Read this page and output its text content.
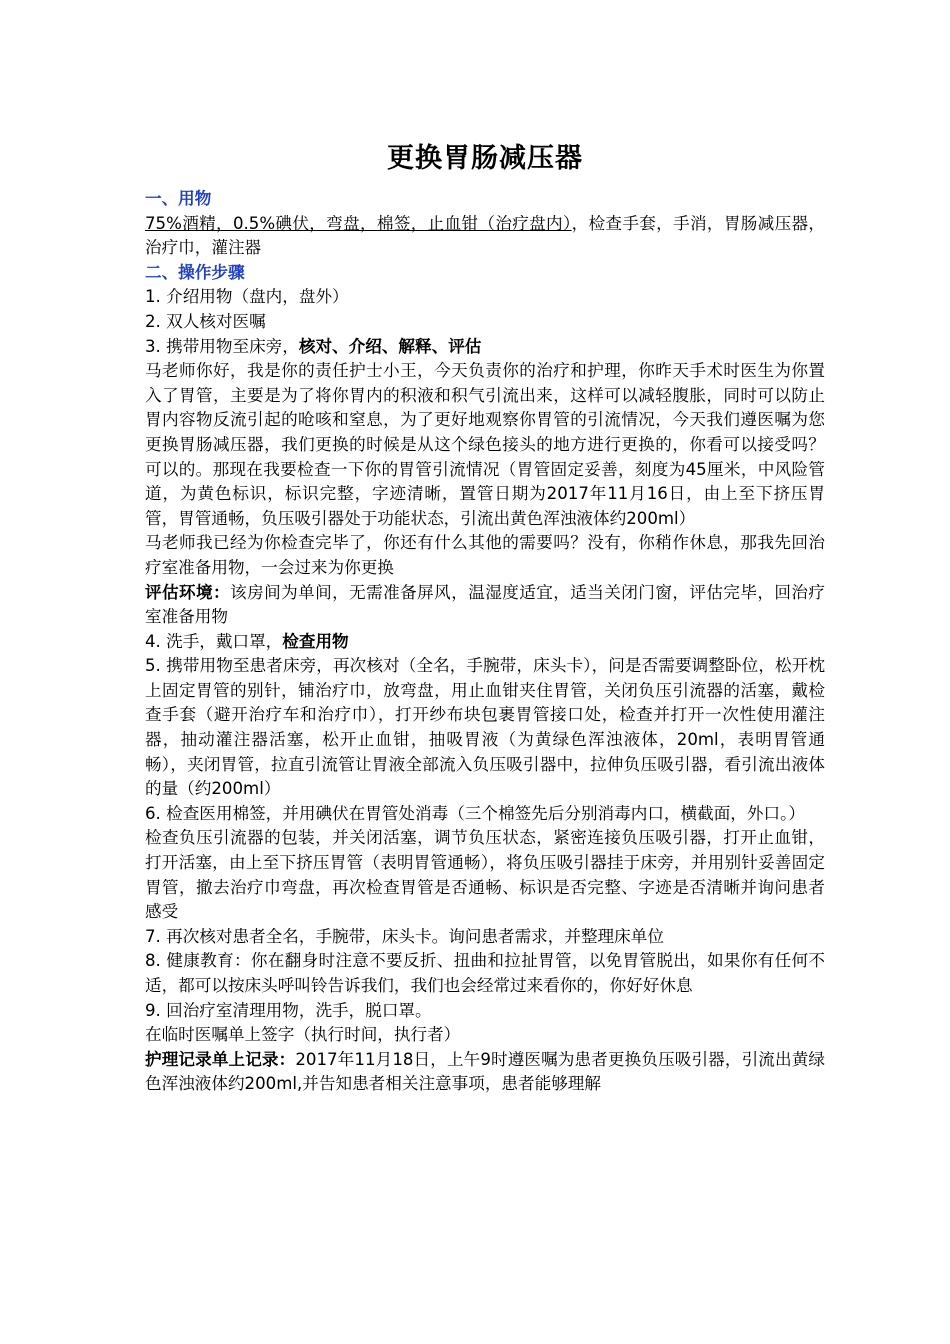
更换胃肠减压器

一、用物

75%酒精，0.5%碘伏，弯盘，棉签，止血钳（治疗盘内），检查手套，手消，胃肠减压器，治疗巾，灌注器

二、操作步骤

1. 介绍用物（盘内，盘外）

2. 双人核对医嘱

3. 携带用物至床旁，核对、介绍、解释、评估

马老师你好，我是你的责任护士小王，今天负责你的治疗和护理，你昨天手术时医生为你置入了胃管，主要是为了将你胃内的积液和积气引流出来，这样可以减轻腹胀，同时可以防止胃内容物反流引起的呛咳和窒息，为了更好地观察你胃管的引流情况，今天我们遵医嘱为您更换胃肠减压器，我们更换的时候是从这个绿色接头的地方进行更换的，你看可以接受吗？可以的。那现在我要检查一下你的胃管引流情况（胃管固定妥善，刻度为45厘米，中风险管道，为黄色标识，标识完整，字迹清晰，置管日期为2017年11月16日，由上至下挤压胃管，胃管通畅，负压吸引器处于功能状态，引流出黄色浑浊液体约200ml）

马老师我已经为你检查完毕了，你还有什么其他的需要吗？没有，你稍作休息，那我先回治疗室准备用物，一会过来为你更换

评估环境：该房间为单间，无需准备屏风，温湿度适宜，适当关闭门窗，评估完毕，回治疗室准备用物

4. 洗手，戴口罩，检查用物

5. 携带用物至患者床旁，再次核对（全名，手腕带，床头卡），问是否需要调整卧位，松开枕上固定胃管的别针，铺治疗巾，放弯盘，用止血钳夹住胃管，关闭负压引流器的活塞，戴检查手套（避开治疗车和治疗巾），打开纱布块包裹胃管接口处，检查并打开一次性使用灌注器，抽动灌注器活塞，松开止血钳，抽吸胃液（为黄绿色浑浊液体，20ml，表明胃管通畅），夹闭胃管，拉直引流管让胃液全部流入负压吸引器中，拉伸负压吸引器，看引流出液体的量（约200ml）

6. 检查医用棉签，并用碘伏在胃管处消毒（三个棉签先后分别消毒内口，横截面，外口。）

检查负压引流器的包装，并关闭活塞，调节负压状态，紧密连接负压吸引器，打开止血钳，打开活塞，由上至下挤压胃管（表明胃管通畅），将负压吸引器挂于床旁，并用别针妥善固定胃管，撤去治疗巾弯盘，再次检查胃管是否通畅、标识是否完整、字迹是否清晰并询问患者感受

7. 再次核对患者全名，手腕带，床头卡。询问患者需求，并整理床单位

8. 健康教育：你在翻身时注意不要反折、扭曲和拉扯胃管，以免胃管脱出，如果你有任何不适，都可以按床头呼叫铃告诉我们，我们也会经常过来看你的，你好好休息

9. 回治疗室清理用物，洗手，脱口罩。

在临时医嘱单上签字（执行时间，执行者）

护理记录单上记录：2017年11月18日，上午9时遵医嘱为患者更换负压吸引器，引流出黄绿色浑浊液体约200ml,并告知患者相关注意事项，患者能够理解
